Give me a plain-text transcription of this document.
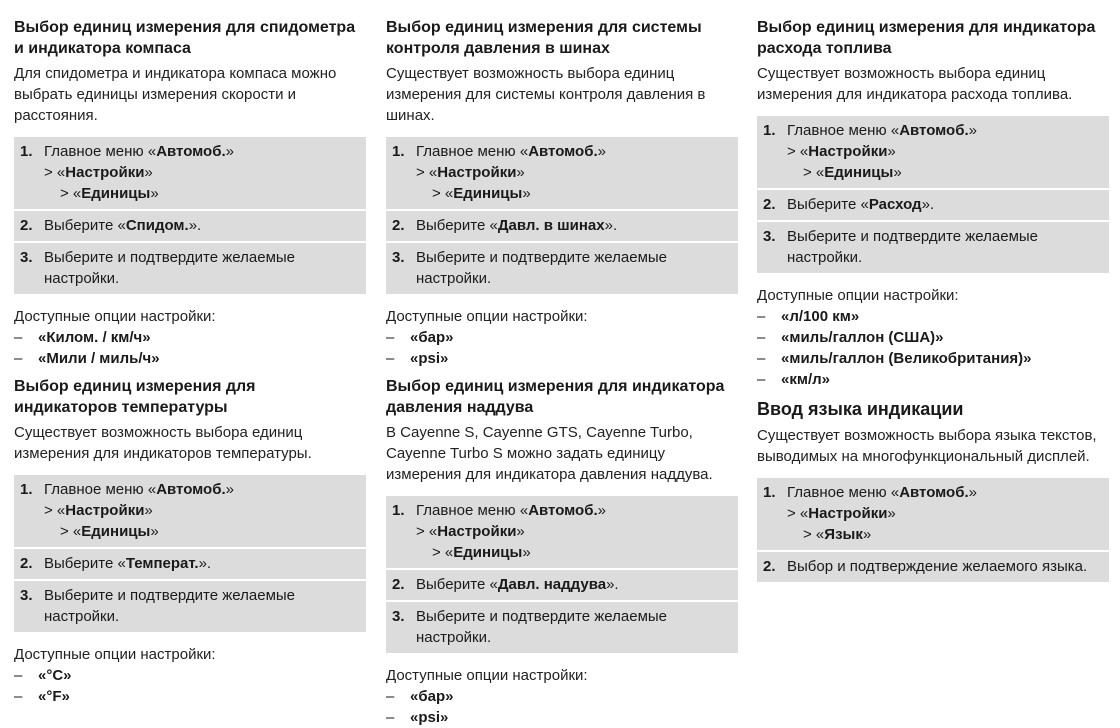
Выбор единиц измерения для спидометра
и индикатора компаса
Для спидометра и индикатора компаса можно выбрать единицы измерения скорости и расстояния.
1. Главное меню «Автомоб.»
> «Настройки»
> «Единицы»
2. Выберите «Спидом.».
3. Выберите и подтвердите желаемые настройки.
Доступные опции настройки:
–	«Килом. / км/ч»
–	«Мили / миль/ч»
Выбор единиц измерения для
индикаторов температуры
Существует возможность выбора единиц измерения для индикаторов температуры.
1. Главное меню «Автомоб.»
> «Настройки»
> «Единицы»
2. Выберите «Температ.».
3. Выберите и подтвердите желаемые настройки.
Доступные опции настройки:
–	«°C»
–	«°F»
Выбор единиц измерения для системы
контроля давления в шинах
Существует возможность выбора единиц измерения для системы контроля давления в шинах.
1. Главное меню «Автомоб.»
> «Настройки»
> «Единицы»
2. Выберите «Давл. в шинах».
3. Выберите и подтвердите желаемые настройки.
Доступные опции настройки:
–	«бар»
–	«psi»
Выбор единиц измерения для индикатора
давления наддува
В Cayenne S, Cayenne GTS, Cayenne Turbo, Cayenne Turbo S можно задать единицу измерения для индикатора давления наддува.
1. Главное меню «Автомоб.»
> «Настройки»
> «Единицы»
2. Выберите «Давл. наддува».
3. Выберите и подтвердите желаемые настройки.
Доступные опции настройки:
–	«бар»
–	«psi»
Выбор единиц измерения для индикатора
расхода топлива
Существует возможность выбора единиц измерения для индикатора расхода топлива.
1. Главное меню «Автомоб.»
> «Настройки»
> «Единицы»
2. Выберите «Расход».
3. Выберите и подтвердите желаемые настройки.
Доступные опции настройки:
–	«л/100 км»
–	«миль/галлон (США)»
–	«миль/галлон (Великобритания)»
–	«км/л»
Ввод языка индикации
Существует возможность выбора языка текстов, выводимых на многофункциональный дисплей.
1. Главное меню «Автомоб.»
> «Настройки»
> «Язык»
2. Выбор и подтверждение желаемого языка.
